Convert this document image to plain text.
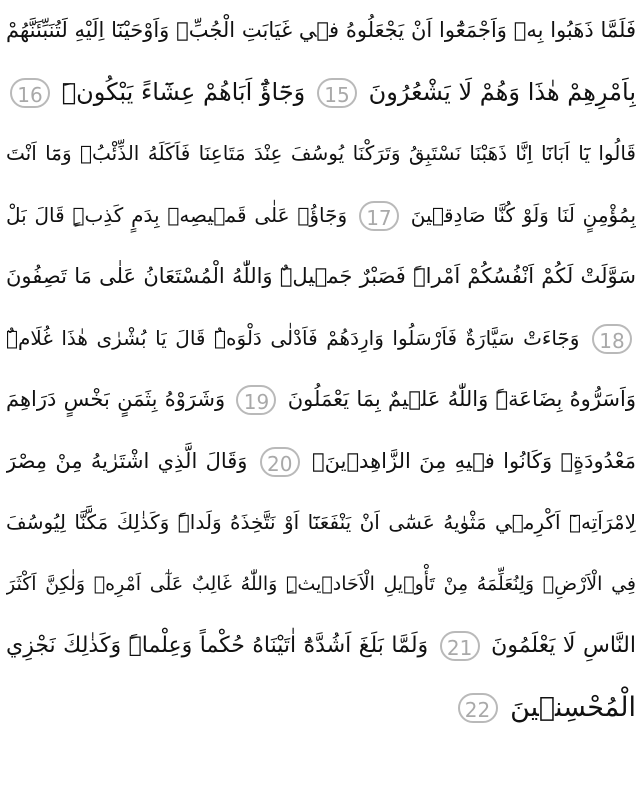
فَلَمَّا ذَهَبُوا بِه۪ وَاَجْمَعُٓوا اَنْ يَجْعَلُوهُ ف۪ي غَيَابَتِ الْجُبِّۚ وَاَوْحَيْنَٓا اِلَيْهِ لَتُنَبِّئَنَّهُمْ
بِاَمْرِهِمْ هٰذَا وَهُمْ لَا يَشْعُرُونَ 15 وَجَٓاؤُٓ اَبَاهُمْ عِشَٓاءً يَبْكُونَۜ 16
قَالُوا يَٓا اَبَانَٓا اِنَّا ذَهَبْنَا نَسْتَبِقُ وَتَرَكْنَا يُوسُفَ عِنْدَ مَتَاعِنَا فَاَكَلَهُ الذِّئْبُۚ وَمَٓا اَنْتَ
بِمُؤْمِنٍ لَنَا وَلَوْ كُنَّا صَادِق۪ينَ 17 وَجَٓاؤُ۫ عَلٰى قَم۪يصِه۪ بِدَمٍ كَذِبٍۜ قَالَ بَلْ
سَوَّلَتْ لَكُمْ اَنْفُسُكُمْ اَمْراًۜ فَصَبْرٌ جَم۪يلٌۜ وَاللّٰهُ الْمُسْتَعَانُ عَلٰى مَا تَصِفُونَ
18 وَجَٓاءَتْ سَيَّارَةٌ فَاَرْسَلُوا وَارِدَهُمْ فَاَدْلٰى دَلْوَهُۜ قَالَ يَا بُشْرٰى هٰذَا غُلَامٌۜ
وَاَسَرُّوهُ بِضَاعَةًۜ وَاللّٰهُ عَل۪يمٌ بِمَا يَعْمَلُونَ 19 وَشَرَوْهُ بِثَمَنٍ بَخْسٍ دَرَاهِمَ
مَعْدُودَةٍۚ وَكَانُوا ف۪يهِ مِنَ الزَّاهِد۪ينَ۟ 20 وَقَالَ الَّذِي اشْتَرٰيهُ مِنْ مِصْرَ
لِامْرَاَتِه۪ٓ اَكْرِم۪ي مَثْوٰيهُ عَسٰٓى اَنْ يَنْفَعَنَٓا اَوْ نَتَّخِذَهُ وَلَداًۜ وَكَذٰلِكَ مَكَّنَّا لِيُوسُفَ
فِي الْاَرْضِۘ وَلِنُعَلِّمَهُ مِنْ تَأْو۪يلِ الْاَحَاد۪يثِۜ وَاللّٰهُ غَالِبٌ عَلٰٓى اَمْرِه۪ وَلٰكِنَّ اَكْثَرَ
النَّاسِ لَا يَعْلَمُونَ 21 وَلَمَّا بَلَغَ اَشُدَّهُٓ اٰتَيْنَاهُ حُكْماً وَعِلْماًۜ وَكَذٰلِكَ نَجْزِي
الْمُحْسِن۪ينَ 22
